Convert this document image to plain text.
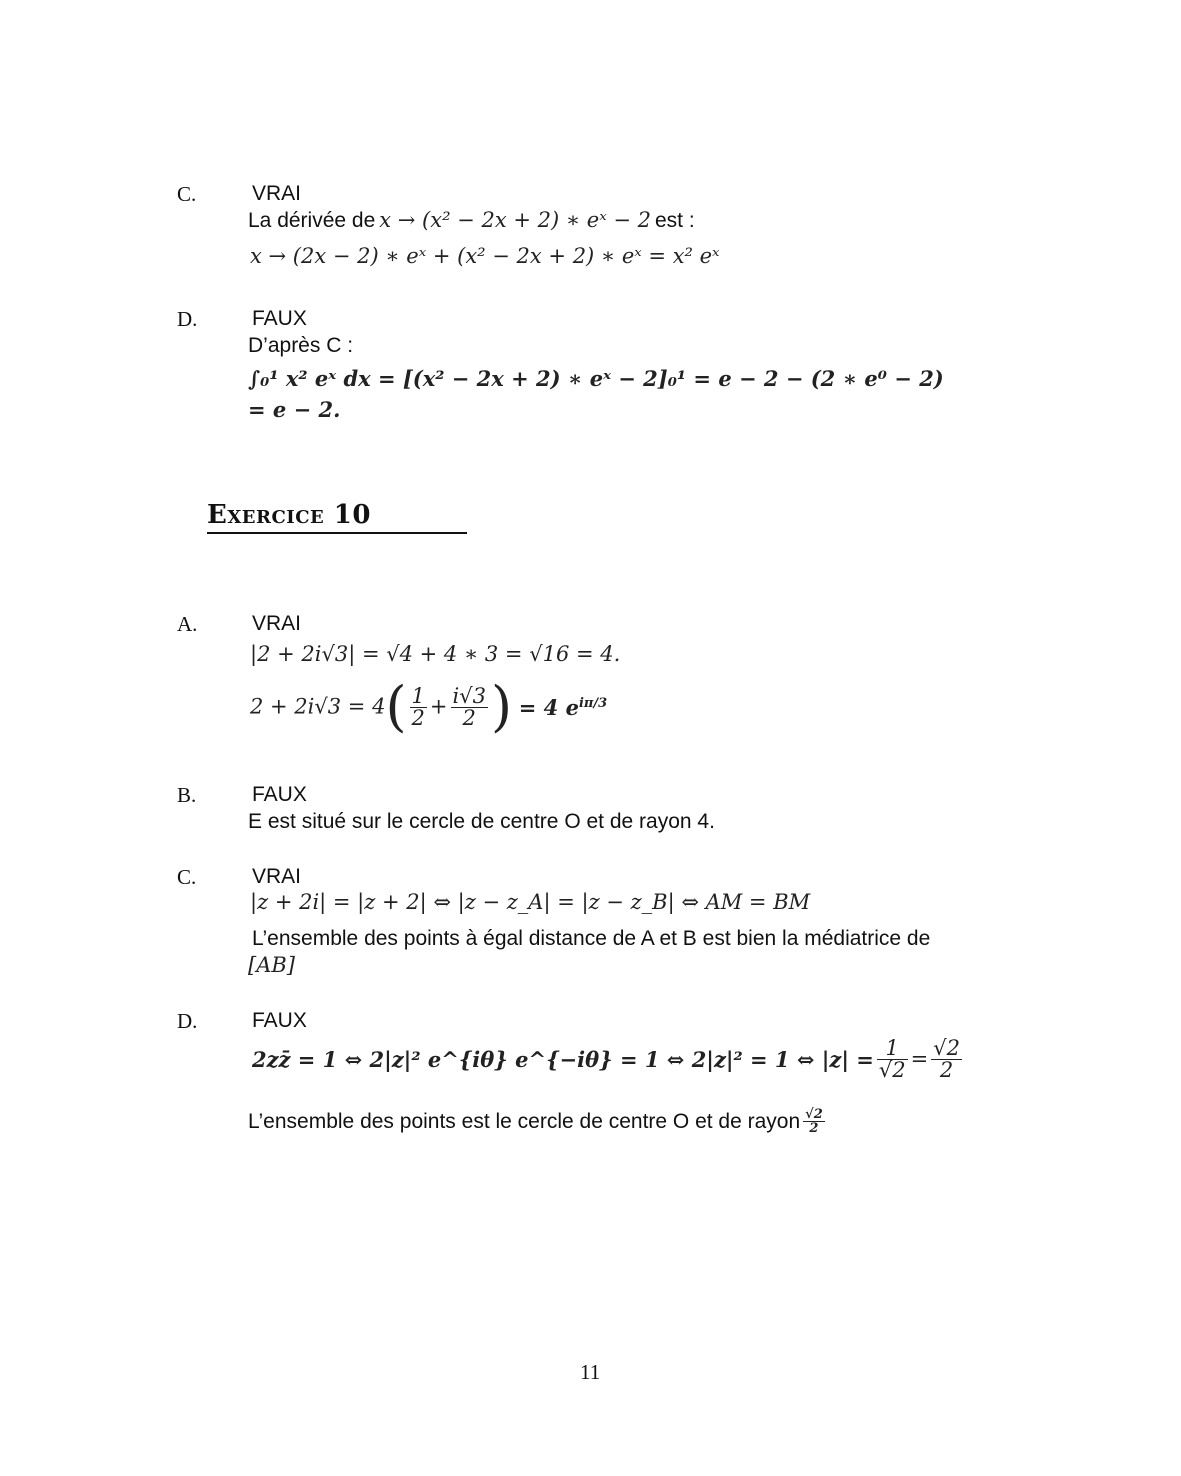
C.	VRAI
La dérivée de x → (x² − 2x + 2) ∗ eˣ − 2 est :
x → (2x − 2) ∗ eˣ + (x² − 2x + 2) ∗ eˣ = x² eˣ
D.	FAUX
D’après C :
∫₀¹ x² eˣ dx = [(x² − 2x + 2) ∗ eˣ − 2]₀¹ = e − 2 − (2 ∗ e⁰ − 2)
= e − 2.
Exercice 10
A.	VRAI
|2 + 2i√3| = √4 + 4 ∗ 3 = √16 = 4.
$2 + 2i√3 = 4( \frac{1}{2} + \frac{i√3}{2}$ ) = 4 $e^{i\pi/3}$
B.	FAUX
E est situé sur le cercle de centre O et de rayon 4.
C.	VRAI
|z + 2i| = |z + 2| ⇔ |z − z_A| = |z − z_B| ⇔ AM = BM
L’ensemble des points à égal distance de A et B est bien la médiatrice de
[AB]
D.	FAUX
2zz̄ = 1 ⇔ 2|z|² e^{iθ} e^{−iθ} = 1 ⇔ 2|z|² = 1 ⇔ $|z| = \frac{1}{√2} = \frac{√2}{2}$
L’ensemble des points est le cercle de centre O et de rayon $\frac{√2}{2}$
11
